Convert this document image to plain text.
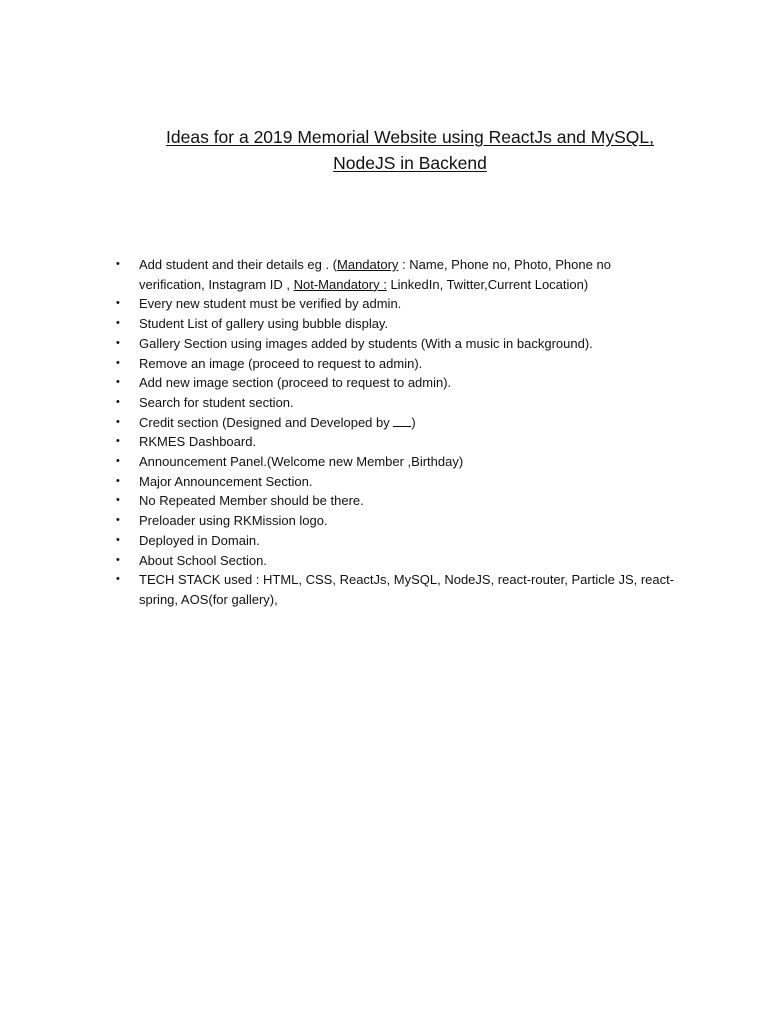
Ideas for a 2019 Memorial Website using ReactJs and MySQL,
NodeJS in Backend
• Add student and their details eg . (Mandatory : Name, Phone no, Photo, Phone no verification, Instagram ID , Not-Mandatory : LinkedIn, Twitter,Current Location)
• Every new student must be verified by admin.
• Student List of gallery using bubble display.
• Gallery Section using images added by students (With a music in background).
• Remove an image (proceed to request to admin).
• Add new image section (proceed to request to admin).
• Search for student section.
• Credit section (Designed and Developed by )
• RKMES Dashboard.
• Announcement Panel.(Welcome new Member ,Birthday)
• Major Announcement Section.
• No Repeated Member should be there.
• Preloader using RKMission logo.
• Deployed in Domain.
• About School Section.
• TECH STACK used : HTML, CSS, ReactJs, MySQL, NodeJS, react-router, Particle JS, react-spring, AOS(for gallery),
